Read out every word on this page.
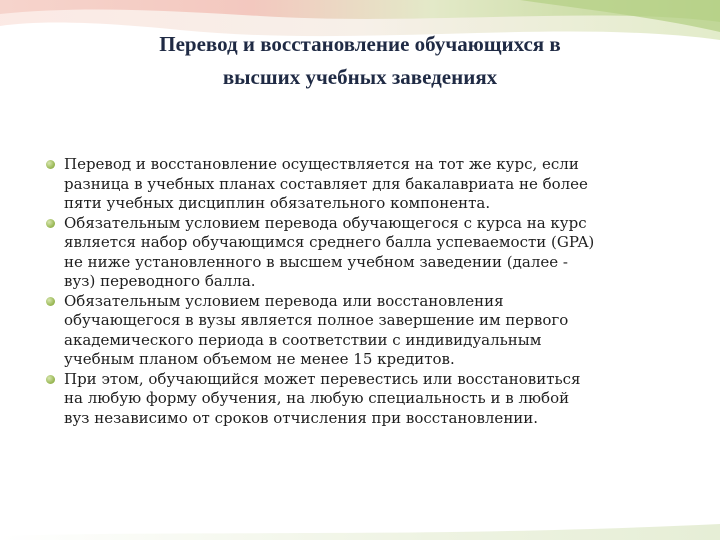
Перевод и восстановление обучающихся в
высших учебных заведениях
Перевод и восстановление осуществляется на тот же курс, если
разница в учебных планах составляет для бакалавриата не более
пяти учебных дисциплин обязательного компонента.
Обязательным условием перевода обучающегося с курса на курс
является набор обучающимся среднего балла успеваемости (GPA)
не ниже установленного в высшем учебном заведении (далее -
вуз) переводного балла.
Обязательным условием перевода или восстановления
обучающегося в вузы является полное завершение им первого
академического периода в соответствии с индивидуальным
учебным планом объемом не менее 15 кредитов.
При этом, обучающийся может перевестись или восстановиться
на любую форму обучения, на любую специальность и в любой
вуз независимо от сроков отчисления при восстановлении.
